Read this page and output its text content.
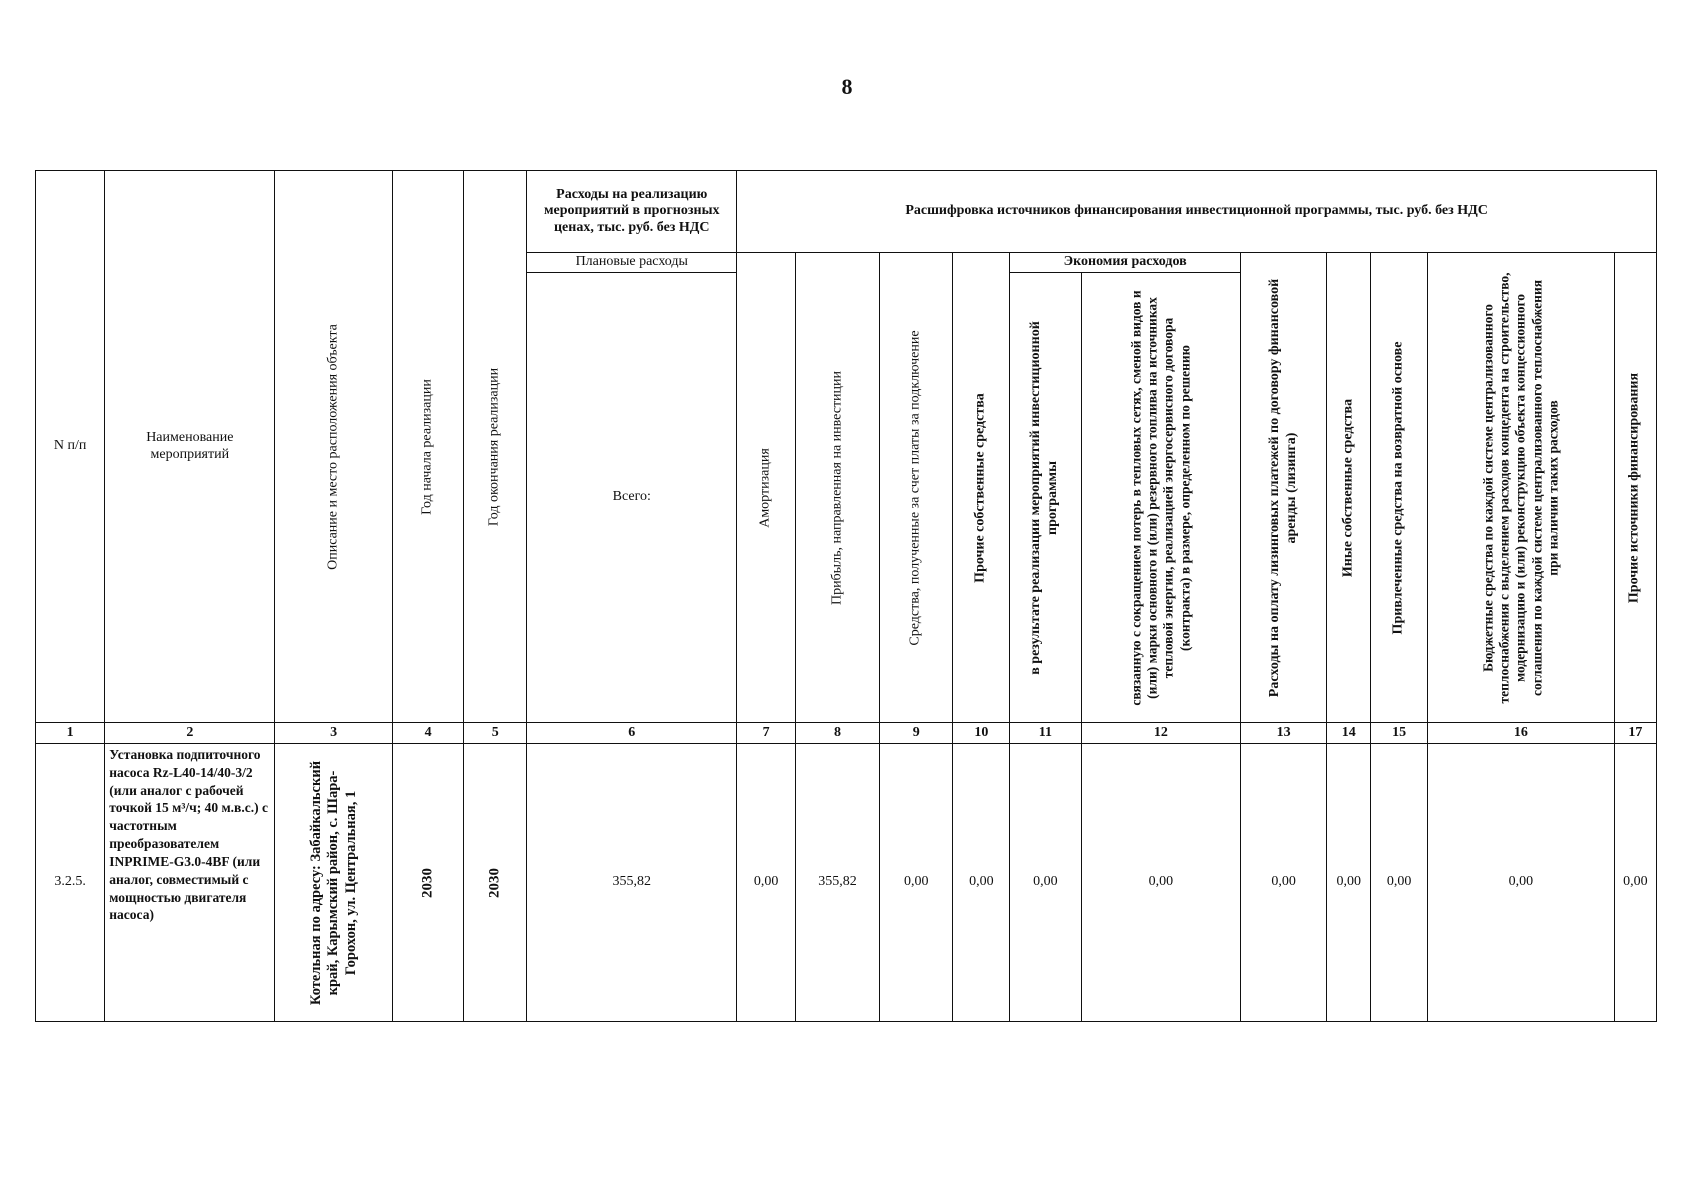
8
N п/п	Наименование мероприятий	Описание и место расположения объекта	Год начала реализации	Год окончания реализации	Расходы на реализацию мероприятий в прогнозных ценах, тыс. руб. без НДС	Расшифровка источников финансирования инвестиционной программы, тыс. руб. без НДС										
					Плановые расходы	Амортизация	Прибыль, направленная на инвестиции	Средства, полученные за счет платы за подключение	Прочие собственные средства	Экономия расходов		Расходы на оплату лизинговых платежей по договору финансовой аренды (лизинга)	Иные собственные средства	Привлеченные средства на возвратной основе	Бюджетные средства по каждой системе централизованного теплоснабжения с выделением расходов концедента на строительство, модернизацию и (или) реконструкцию объекта концессионного соглашения по каждой системе централизованного теплоснабжения при наличии таких расходов	Прочие источники финансирования

					Всего:					в результате реализации мероприятий инвестиционной программы	связанную с сокращением потерь в тепловых сетях, сменой видов и (или) марки основного и (или) резервного топлива на источниках тепловой энергии, реализацией энергосервисного договора (контракта) в размере, определенном по решению					

1	2	3	4	5	6	7	8	9	10	11	12	13	14	15	16	17
3.2.5.	Установка подпиточного насоса Rz-L40-14/40-3/2 (или аналог с рабочей точкой 15 м³/ч; 40 м.в.с.) с частотным преобразователем INPRIME-G3.0-4BF (или аналог, совместимый с мощностью двигателя насоса)	Котельная по адресу: Забайкальский край, Карымский район, с. Шара-Горохон, ул. Центральная, 1	2030	2030	355,82	0,00	355,82	0,00	0,00	0,00	0,00	0,00	0,00	0,00	0,00	0,00
